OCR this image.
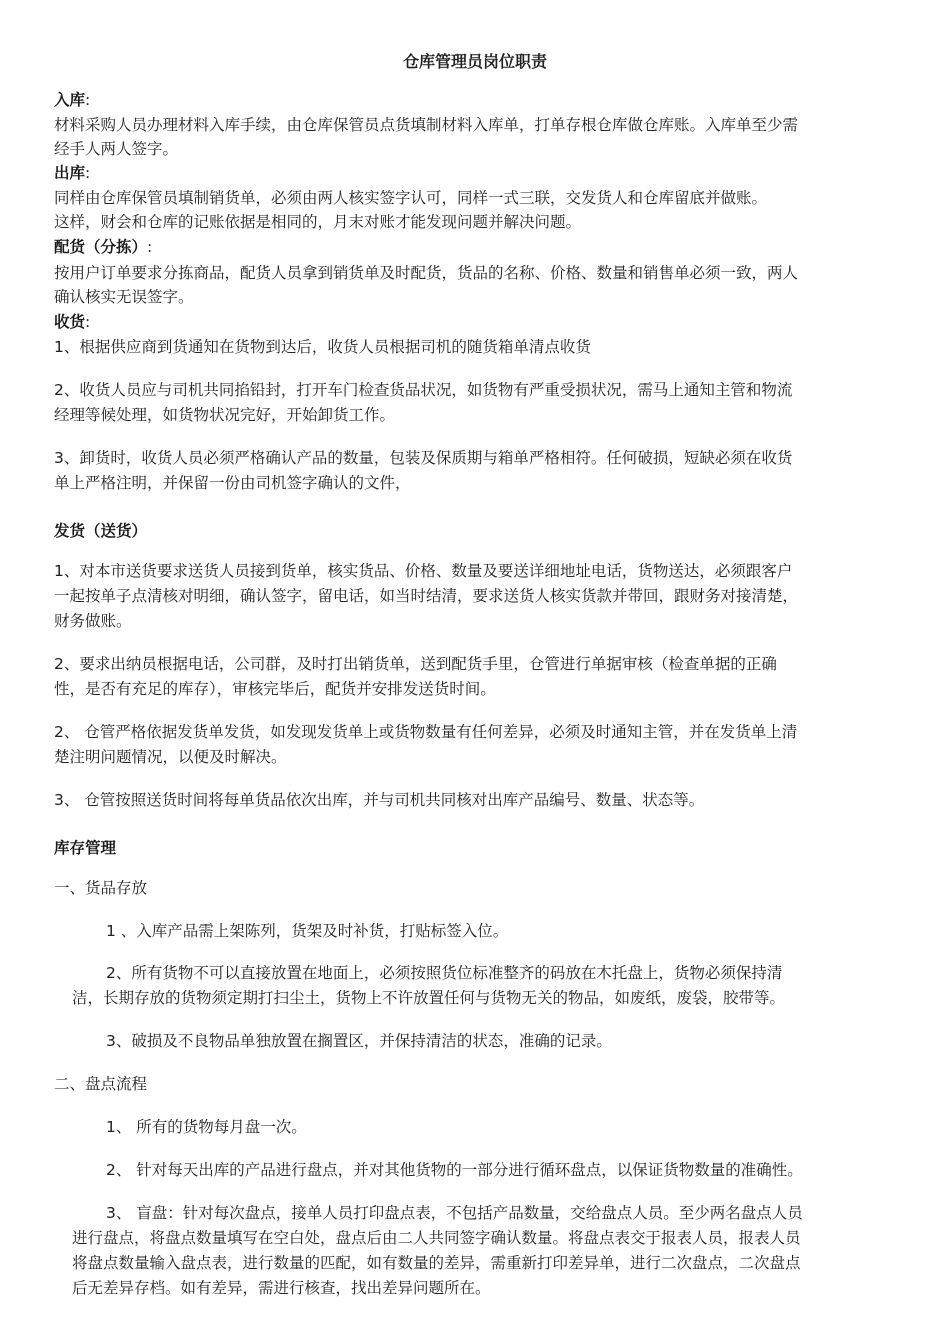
仓库管理员岗位职责
入库:
材料采购人员办理材料入库手续，由仓库保管员点货填制材料入库单，打单存根仓库做仓库账。入库单至少需
经手人两人签字。
出库:
同样由仓库保管员填制销货单，必须由两人核实签字认可，同样一式三联，交发货人和仓库留底并做账。
这样，财会和仓库的记账依据是相同的，月末对账才能发现问题并解决问题。
配货（分拣）:
按用户订单要求分拣商品，配货人员拿到销货单及时配货，货品的名称、价格、数量和销售单必须一致，两人
确认核实无误签字。
收货:
1、根据供应商到货通知在货物到达后，收货人员根据司机的随货箱单清点收货
2、收货人员应与司机共同掐铅封，打开车门检查货品状况，如货物有严重受损状况，需马上通知主管和物流
经理等候处理，如货物状况完好，开始卸货工作。
3、卸货时，收货人员必须严格确认产品的数量，包装及保质期与箱单严格相符。任何破损，短缺必须在收货
单上严格注明，并保留一份由司机签字确认的文件，
发货（送货）
1、对本市送货要求送货人员接到货单，核实货品、价格、数量及要送详细地址电话，货物送达，必须跟客户
一起按单子点清核对明细，确认签字，留电话，如当时结清，要求送货人核实货款并带回，跟财务对接清楚，
财务做账。
2、要求出纳员根据电话，公司群，及时打出销货单，送到配货手里，仓管进行单据审核（检查单据的正确
性，是否有充足的库存），审核完毕后，配货并安排发送货时间。
2、 仓管严格依据发货单发货，如发现发货单上或货物数量有任何差异，必须及时通知主管，并在发货单上清
楚注明问题情况，以便及时解决。
3、 仓管按照送货时间将每单货品依次出库，并与司机共同核对出库产品编号、数量、状态等。
库存管理
一、货品存放
1 、入库产品需上架陈列，货架及时补货，打贴标签入位。
2、所有货物不可以直接放置在地面上，必须按照货位标准整齐的码放在木托盘上，货物必须保持清
洁，长期存放的货物须定期打扫尘土，货物上不许放置任何与货物无关的物品，如废纸，废袋，胶带等。
3、破损及不良物品单独放置在搁置区，并保持清洁的状态，准确的记录。
二、盘点流程
1、 所有的货物每月盘一次。
2、 针对每天出库的产品进行盘点，并对其他货物的一部分进行循环盘点，以保证货物数量的准确性。
3、 盲盘：针对每次盘点，接单人员打印盘点表，不包括产品数量，交给盘点人员。至少两名盘点人员
进行盘点，将盘点数量填写在空白处，盘点后由二人共同签字确认数量。将盘点表交于报表人员，报表人员
将盘点数量输入盘点表，进行数量的匹配，如有数量的差异，需重新打印差异单，进行二次盘点，二次盘点
后无差异存档。如有差异，需进行核查，找出差异问题所在。
